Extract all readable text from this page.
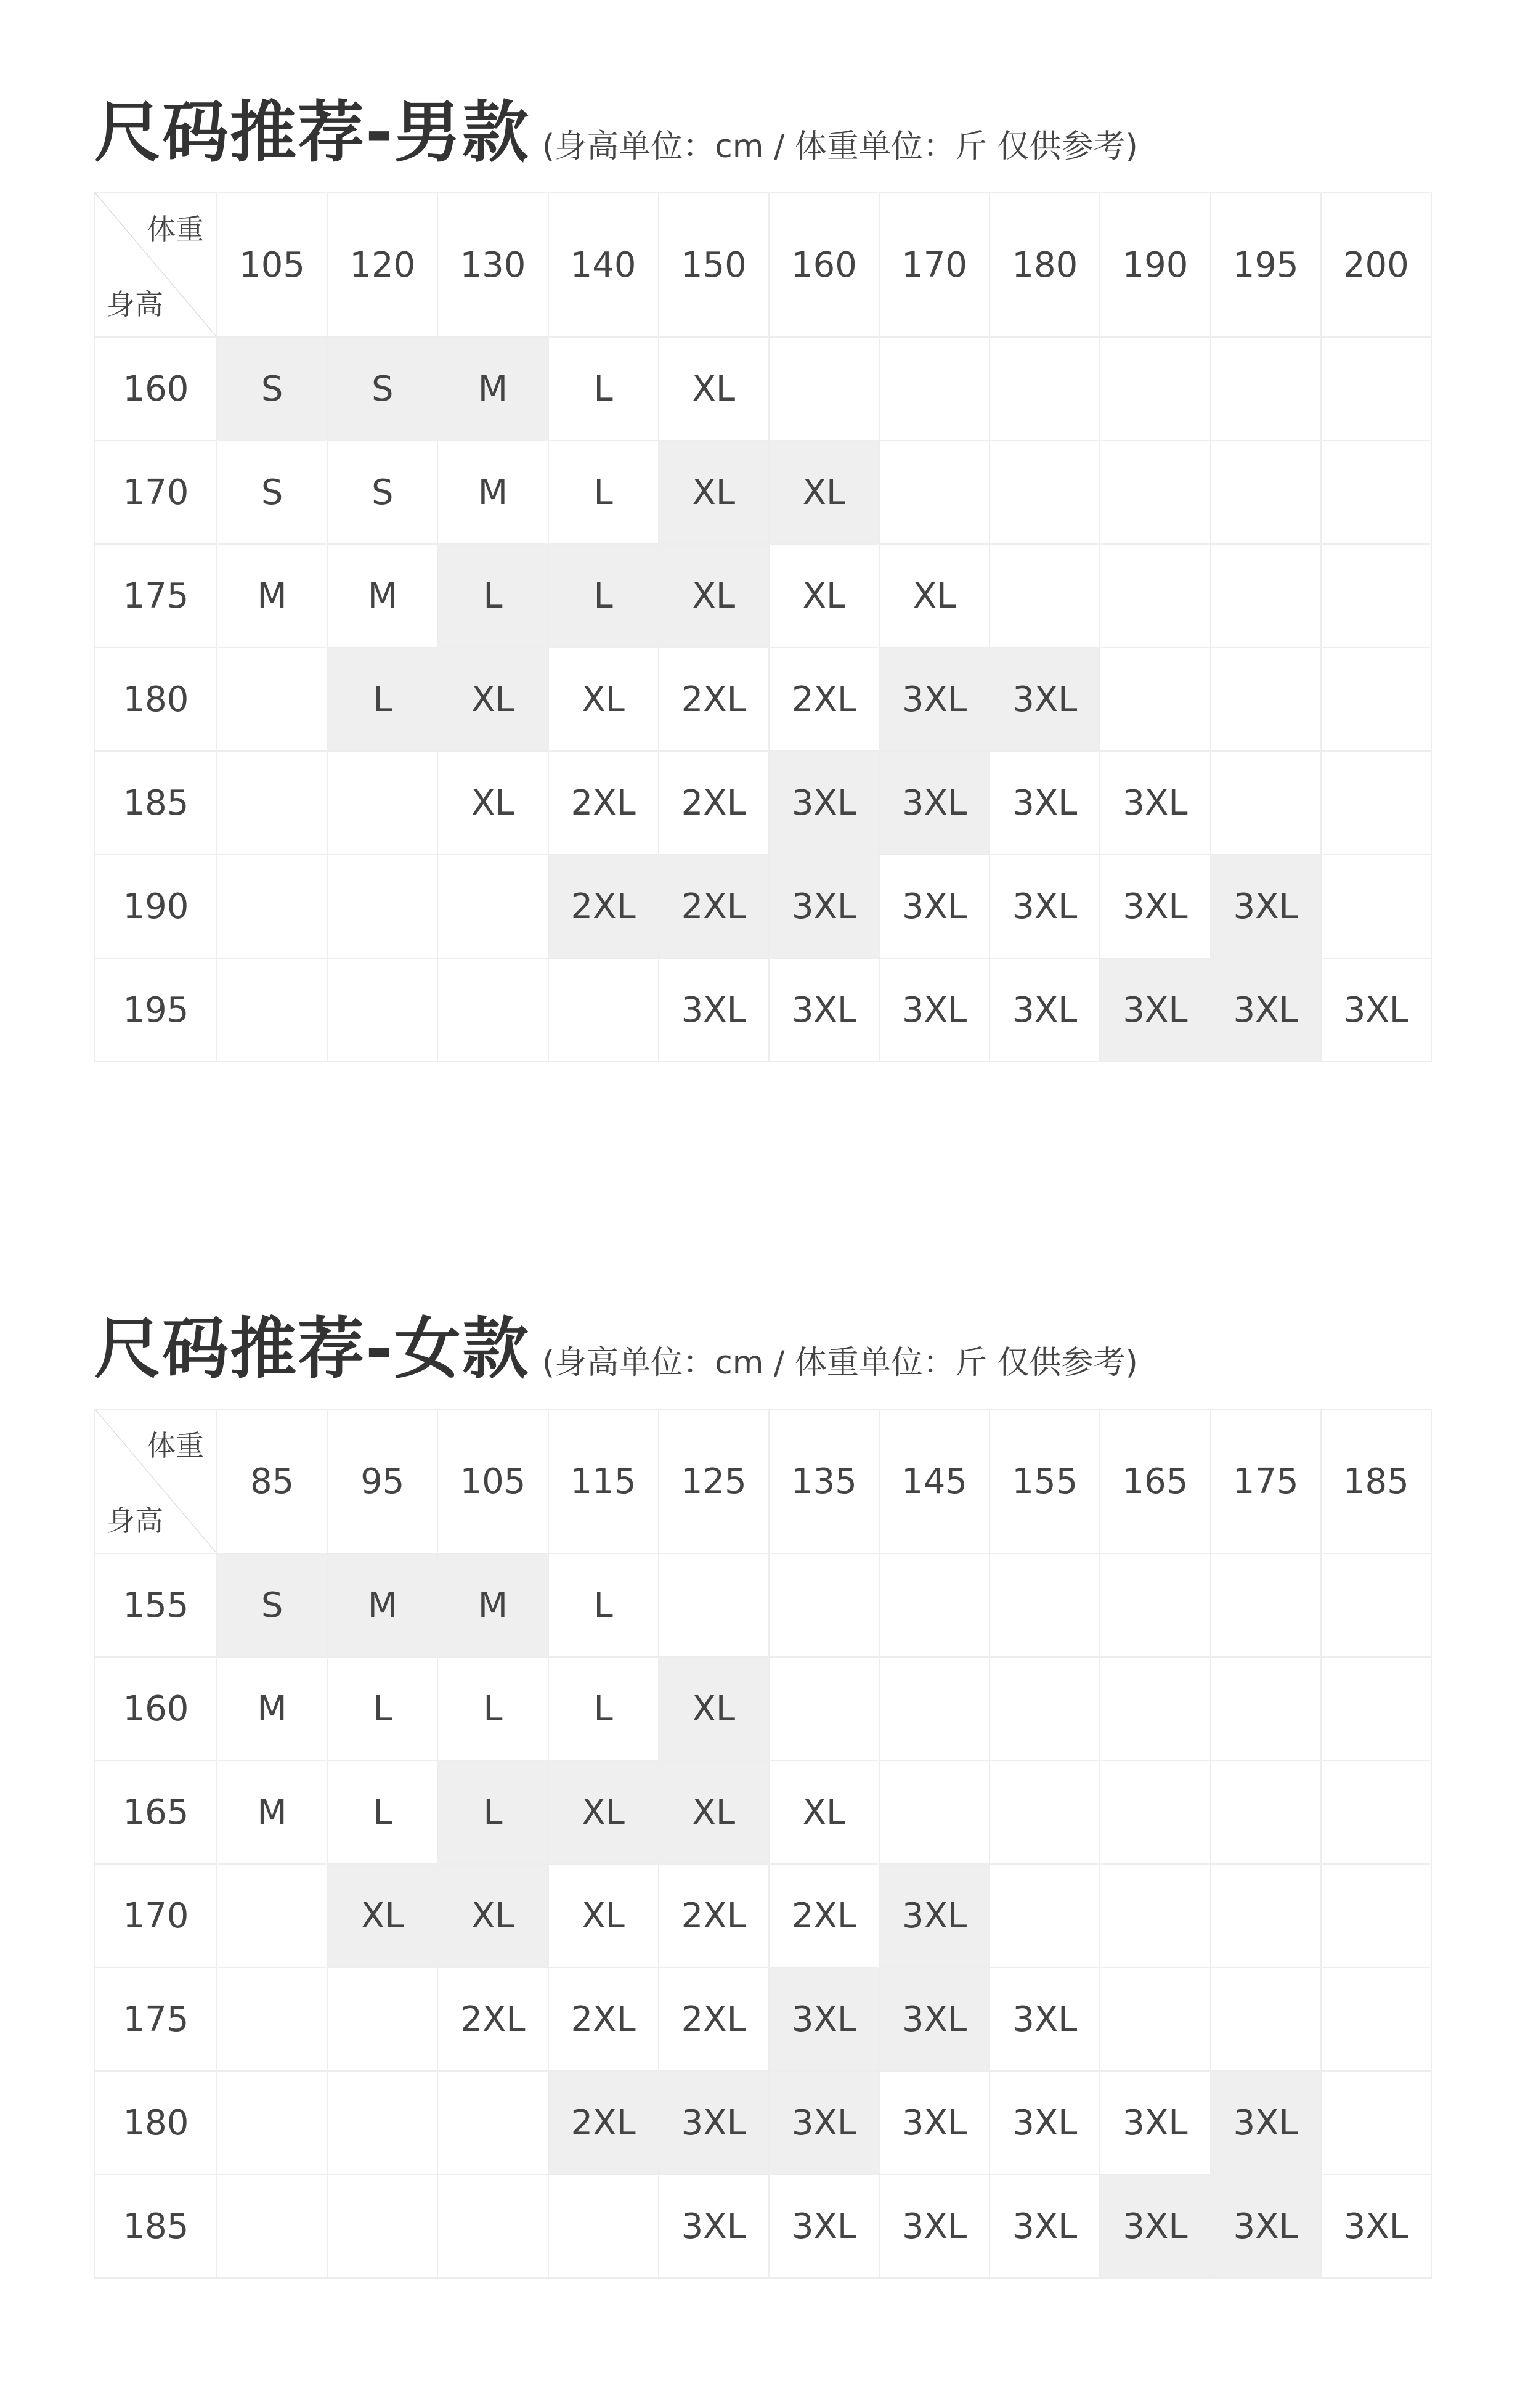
尺码推荐-男款 (身高单位：cm / 体重单位：斤 仅供参考)
体重
身高	105	120	130	140	150	160	170	180	190	195	200
160	S	S	M	L	XL						
170	S	S	M	L	XL	XL					
175	M	M	L	L	XL	XL	XL				
180		L	XL	XL	2XL	2XL	3XL	3XL			
185			XL	2XL	2XL	3XL	3XL	3XL	3XL		
190				2XL	2XL	3XL	3XL	3XL	3XL	3XL	
195					3XL	3XL	3XL	3XL	3XL	3XL	3XL
尺码推荐-女款 (身高单位：cm / 体重单位：斤 仅供参考)
体重
身高	85	95	105	115	125	135	145	155	165	175	185
155	S	M	M	L							
160	M	L	L	L	XL						
165	M	L	L	XL	XL	XL					
170		XL	XL	XL	2XL	2XL	3XL				
175			2XL	2XL	2XL	3XL	3XL	3XL			
180				2XL	3XL	3XL	3XL	3XL	3XL	3XL	
185					3XL	3XL	3XL	3XL	3XL	3XL	3XL
